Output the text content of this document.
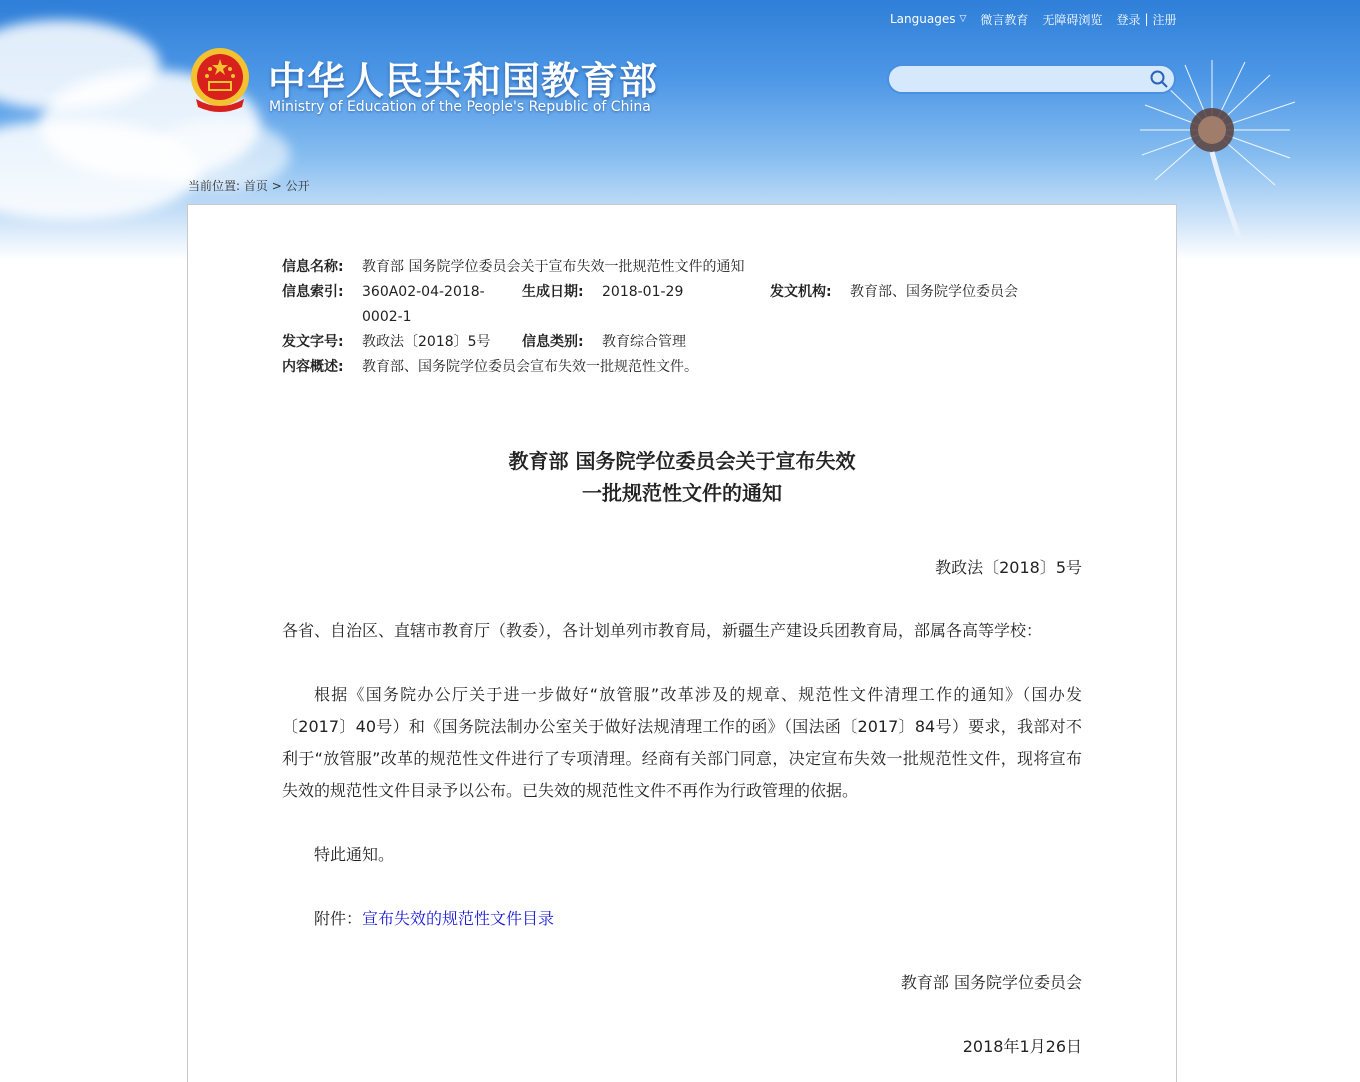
Languages ▽ 微言教育 无障碍浏览 登录 | 注册
中华人民共和国教育部
Ministry of Education of the People's Republic of China
当前位置: 首页 > 公开
信息名称: 教育部 国务院学位委员会关于宣布失效一批规范性文件的通知
信息索引: 360A02-04-2018-0002-1
生成日期: 2018-01-29	发文机构: 教育部、国务院学位委员会
发文字号: 教政法〔2018〕5号 信息类别: 教育综合管理
内容概述: 教育部、国务院学位委员会宣布失效一批规范性文件。
教育部 国务院学位委员会关于宣布失效
一批规范性文件的通知
教政法〔2018〕5号
各省、自治区、直辖市教育厅（教委），各计划单列市教育局，新疆生产建设兵团教育局，部属各高等学校：
根据《国务院办公厅关于进一步做好“放管服”改革涉及的规章、规范性文件清理工作的通知》（国办发〔2017〕40号）和《国务院法制办公室关于做好法规清理工作的函》（国法函〔2017〕84号）要求，我部对不利于“放管服”改革的规范性文件进行了专项清理。经商有关部门同意，决定宣布失效一批规范性文件，现将宣布失效的规范性文件目录予以公布。已失效的规范性文件不再作为行政管理的依据。
特此通知。
附件：宣布失效的规范性文件目录
教育部 国务院学位委员会
2018年1月26日
